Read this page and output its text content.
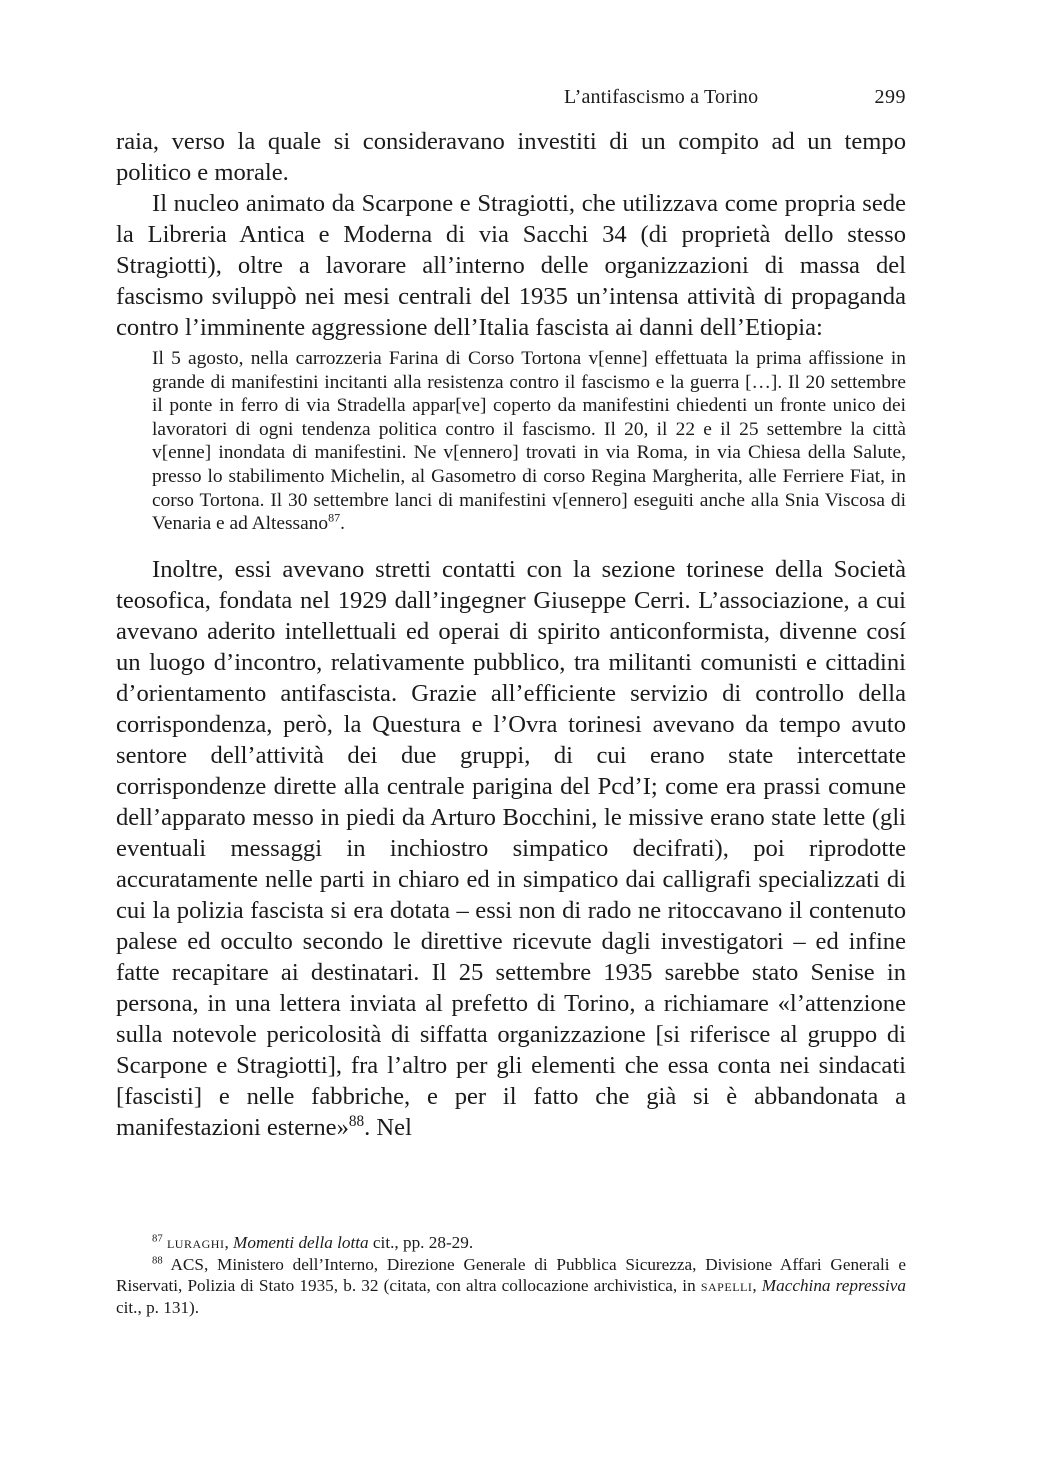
L’antifascismo a Torino	299

raia, verso la quale si consideravano investiti di un compito ad un tempo politico e morale.

Il nucleo animato da Scarpone e Stragiotti, che utilizzava come propria sede la Libreria Antica e Moderna di via Sacchi 34 (di proprietà dello stesso Stragiotti), oltre a lavorare all’interno delle organizzazioni di massa del fascismo sviluppò nei mesi centrali del 1935 un’intensa attività di propaganda contro l’imminente aggressione dell’Italia fascista ai danni dell’Etiopia:

Il 5 agosto, nella carrozzeria Farina di Corso Tortona v[enne] effettuata la prima affissione in grande di manifestini incitanti alla resistenza contro il fascismo e la guerra […]. Il 20 settembre il ponte in ferro di via Stradella appar[ve] coperto da manifestini chiedenti un fronte unico dei lavoratori di ogni tendenza politica contro il fascismo. Il 20, il 22 e il 25 settembre la città v[enne] inondata di manifestini. Ne v[ennero] trovati in via Roma, in via Chiesa della Salute, presso lo stabilimento Michelin, al Gasometro di corso Regina Margherita, alle Ferriere Fiat, in corso Tortona. Il 30 settembre lanci di manifestini v[ennero] eseguiti anche alla Snia Viscosa di Venaria e ad Altessano$^{87}$.

Inoltre, essi avevano stretti contatti con la sezione torinese della Società teosofica, fondata nel 1929 dall’ingegner Giuseppe Cerri. L’associazione, a cui avevano aderito intellettuali ed operai di spirito anticonformista, divenne cosí un luogo d’incontro, relativamente pubblico, tra militanti comunisti e cittadini d’orientamento antifascista. Grazie all’efficiente servizio di controllo della corrispondenza, però, la Questura e l’Ovra torinesi avevano da tempo avuto sentore dell’attività dei due gruppi, di cui erano state intercettate corrispondenze dirette alla centrale parigina del Pcd’I; come era prassi comune dell’apparato messo in piedi da Arturo Bocchini, le missive erano state lette (gli eventuali messaggi in inchiostro simpatico decifrati), poi riprodotte accuratamente nelle parti in chiaro ed in simpatico dai calligrafi specializzati di cui la polizia fascista si era dotata – essi non di rado ne ritoccavano il contenuto palese ed occulto secondo le direttive ricevute dagli investigatori – ed infine fatte recapitare ai destinatari. Il 25 settembre 1935 sarebbe stato Senise in persona, in una lettera inviata al prefetto di Torino, a richiamare «l’attenzione sulla notevole pericolosità di siffatta organizzazione [si riferisce al gruppo di Scarpone e Stragiotti], fra l’altro per gli elementi che essa conta nei sindacati [fascisti] e nelle fabbriche, e per il fatto che già si è abbandonata a manifestazioni esterne»$^{88}$. Nel

$^{87}$ luraghi, Momenti della lotta cit., pp. 28-29.

$^{88}$ ACS, Ministero dell’Interno, Direzione Generale di Pubblica Sicurezza, Divisione Affari Generali e Riservati, Polizia di Stato 1935, b. 32 (citata, con altra collocazione archivistica, in sapelli, Macchina repressiva cit., p. 131).
